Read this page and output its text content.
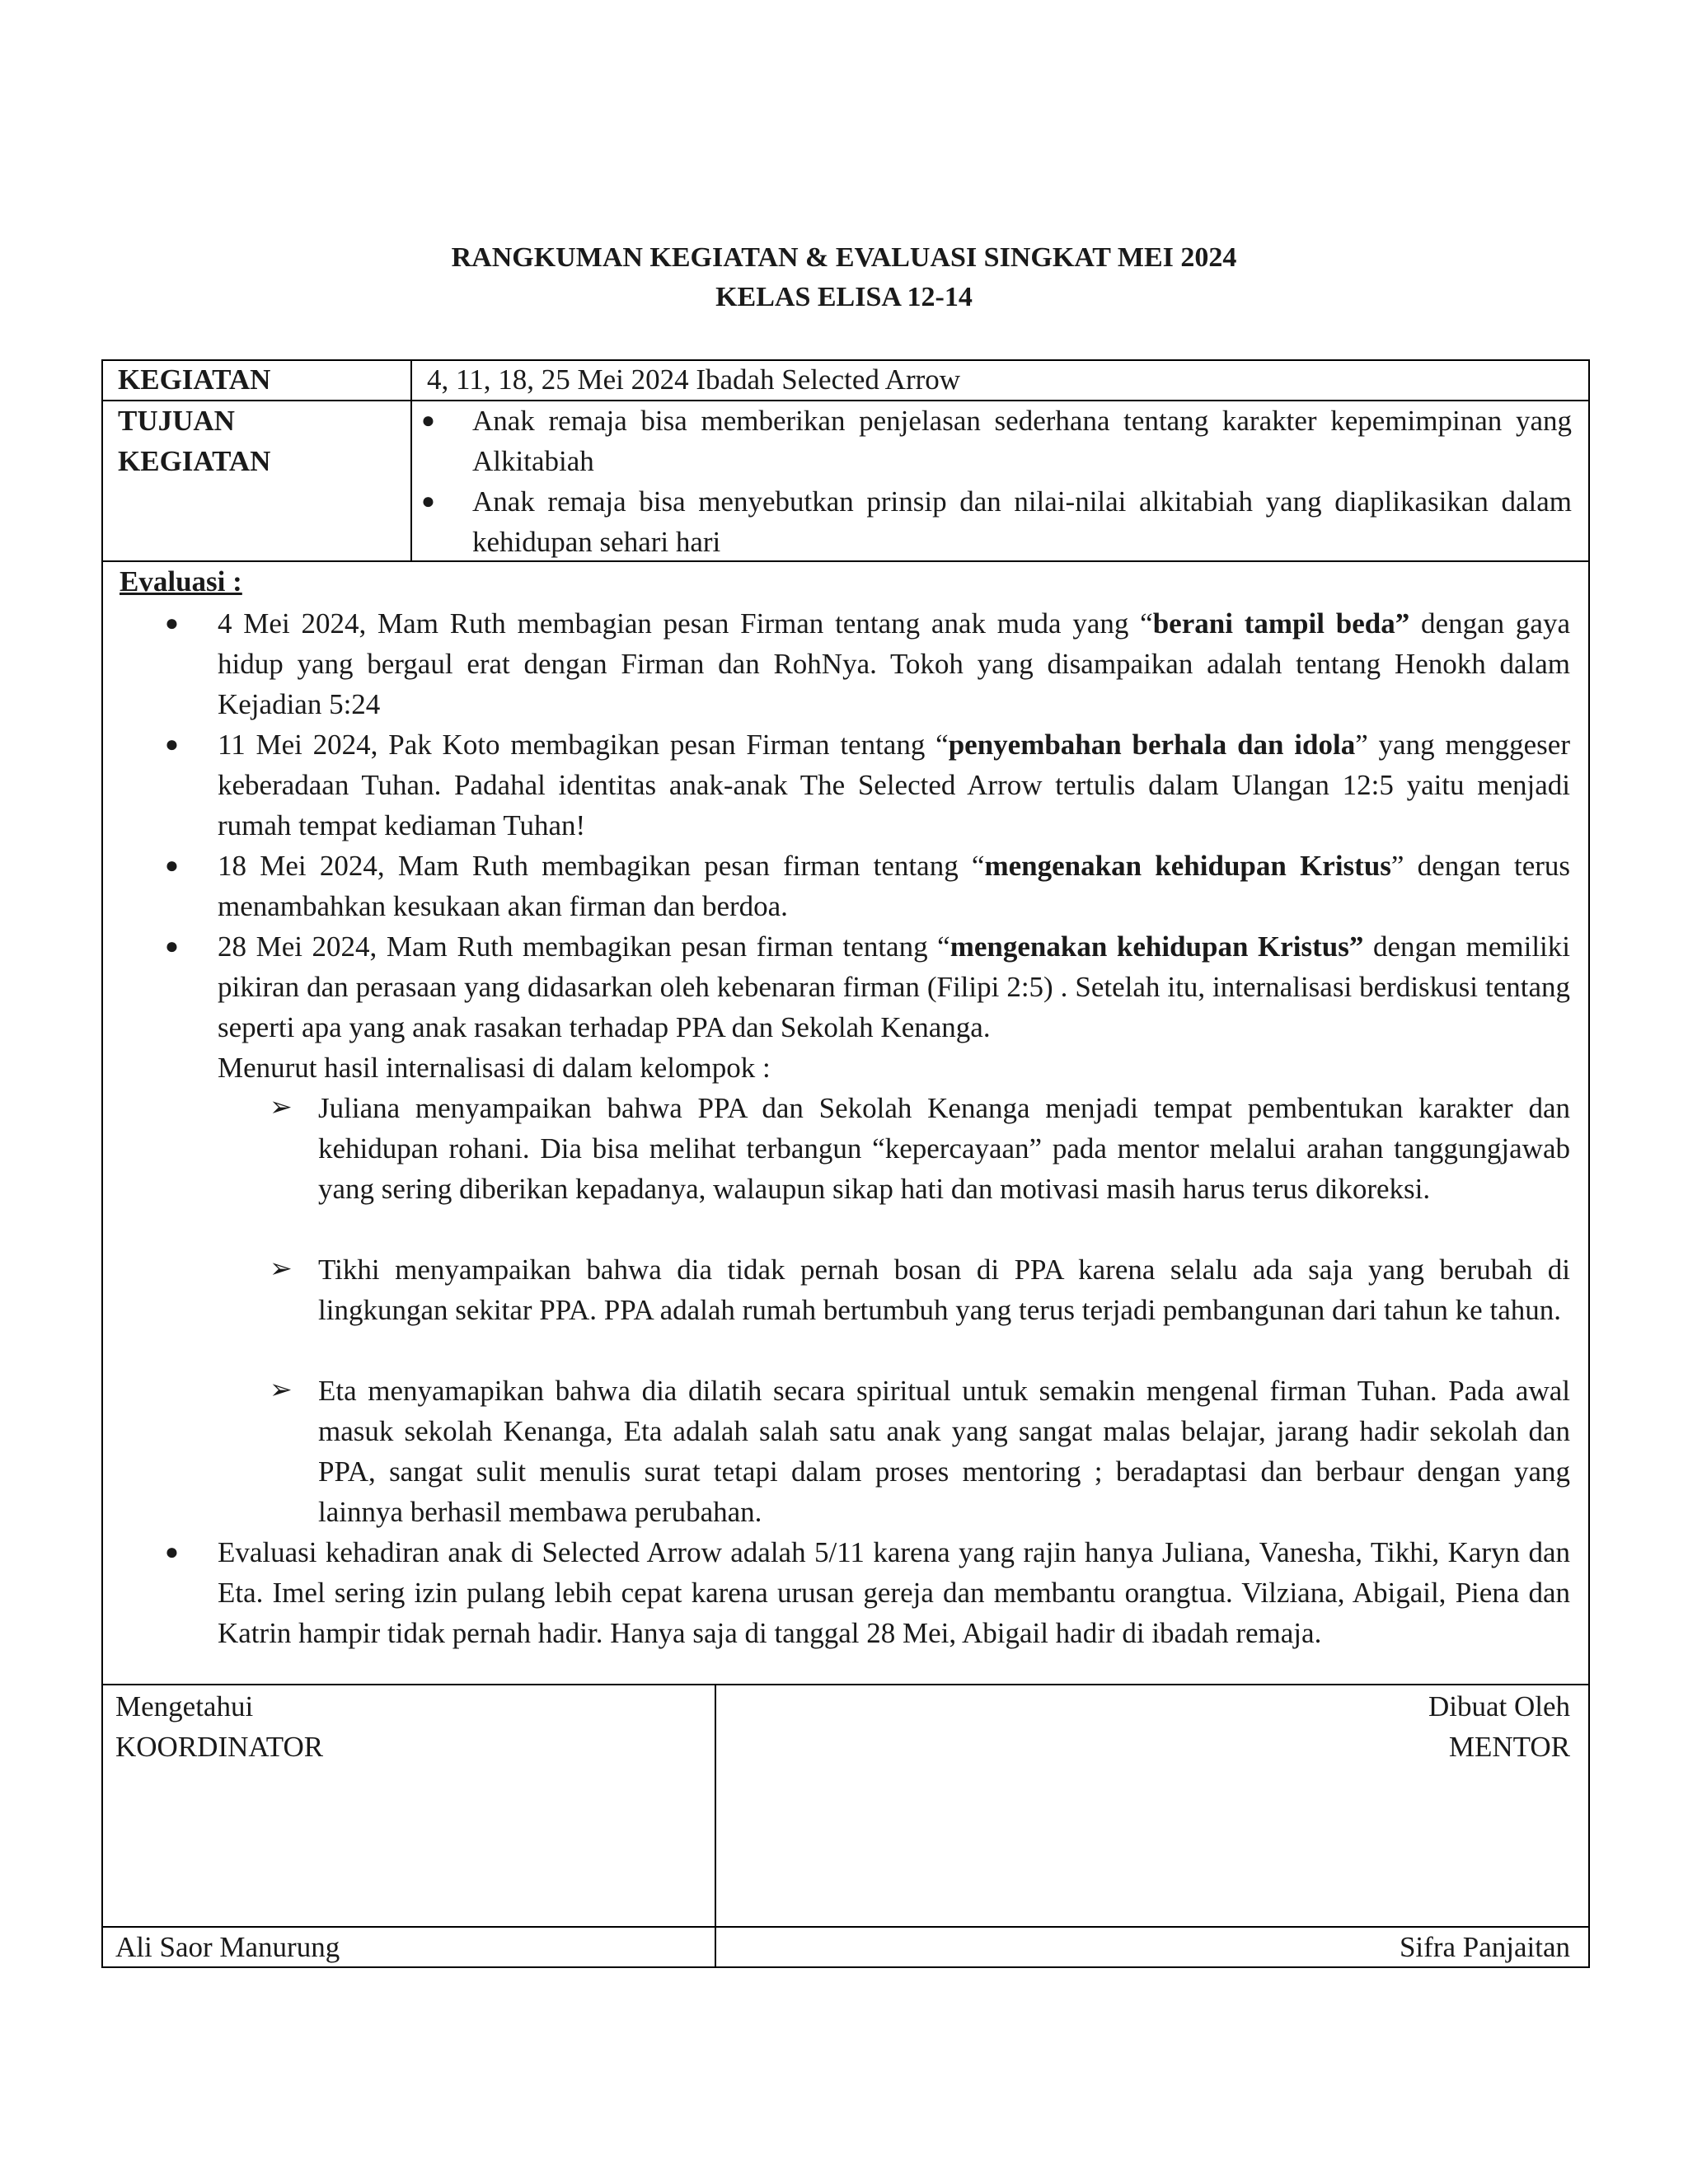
RANGKUMAN KEGIATAN & EVALUASI SINGKAT MEI 2024
KELAS ELISA 12-14
KEGIATAN	4, 11, 18, 25 Mei 2024 Ibadah Selected Arrow
TUJUAN
KEGIATAN
● Anak remaja bisa memberikan penjelasan sederhana tentang karakter kepemimpinan yang Alkitabiah
● Anak remaja bisa menyebutkan prinsip dan nilai-nilai alkitabiah yang diaplikasikan dalam kehidupan sehari hari
Evaluasi :
● 4 Mei 2024, Mam Ruth membagian pesan Firman tentang anak muda yang “berani tampil beda” dengan gaya hidup yang bergaul erat dengan Firman dan RohNya. Tokoh yang disampaikan adalah tentang Henokh dalam Kejadian 5:24
● 11 Mei 2024, Pak Koto membagikan pesan Firman tentang “penyembahan berhala dan idola” yang menggeser keberadaan Tuhan. Padahal identitas anak-anak The Selected Arrow tertulis dalam Ulangan 12:5 yaitu menjadi rumah tempat kediaman Tuhan!
● 18 Mei 2024, Mam Ruth membagikan pesan firman tentang “mengenakan kehidupan Kristus” dengan terus menambahkan kesukaan akan firman dan berdoa.
● 28 Mei 2024, Mam Ruth membagikan pesan firman tentang “mengenakan kehidupan Kristus” dengan memiliki pikiran dan perasaan yang didasarkan oleh kebenaran firman (Filipi 2:5) . Setelah itu, internalisasi berdiskusi tentang seperti apa yang anak rasakan terhadap PPA dan Sekolah Kenanga.
Menurut hasil internalisasi di dalam kelompok :
➢ Juliana menyampaikan bahwa PPA dan Sekolah Kenanga menjadi tempat pembentukan karakter dan kehidupan rohani. Dia bisa melihat terbangun “kepercayaan” pada mentor melalui arahan tanggungjawab yang sering diberikan kepadanya, walaupun sikap hati dan motivasi masih harus terus dikoreksi.
➢ Tikhi menyampaikan bahwa dia tidak pernah bosan di PPA karena selalu ada saja yang berubah di lingkungan sekitar PPA. PPA adalah rumah bertumbuh yang terus terjadi pembangunan dari tahun ke tahun.
➢ Eta menyamapikan bahwa dia dilatih secara spiritual untuk semakin mengenal firman Tuhan. Pada awal masuk sekolah Kenanga, Eta adalah salah satu anak yang sangat malas belajar, jarang hadir sekolah dan PPA, sangat sulit menulis surat tetapi dalam proses mentoring ; beradaptasi dan berbaur dengan yang lainnya berhasil membawa perubahan.
● Evaluasi kehadiran anak di Selected Arrow adalah 5/11 karena yang rajin hanya Juliana, Vanesha, Tikhi, Karyn dan Eta. Imel sering izin pulang lebih cepat karena urusan gereja dan membantu orangtua. Vilziana, Abigail, Piena dan Katrin hampir tidak pernah hadir. Hanya saja di tanggal 28 Mei, Abigail hadir di ibadah remaja.
Mengetahui
KOORDINATOR
Ali Saor Manurung
Dibuat Oleh
MENTOR
Sifra Panjaitan
